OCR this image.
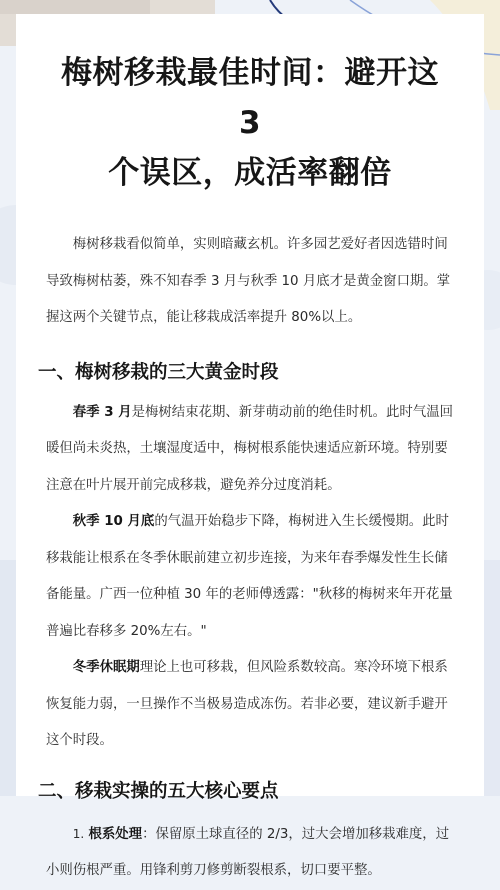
梅树移栽最佳时间：避开这 3
个误区，成活率翻倍

梅树移栽看似简单，实则暗藏玄机。许多园艺爱好者因选错时间导致梅树枯萎，殊不知春季 3 月与秋季 10 月底才是黄金窗口期。掌握这两个关键节点，能让移栽成活率提升 80%以上。

一、梅树移栽的三大黄金时段

春季 3 月是梅树结束花期、新芽萌动前的绝佳时机。此时气温回暖但尚未炎热，土壤湿度适中，梅树根系能快速适应新环境。特别要注意在叶片展开前完成移栽，避免养分过度消耗。

秋季 10 月底的气温开始稳步下降，梅树进入生长缓慢期。此时移栽能让根系在冬季休眠前建立初步连接，为来年春季爆发性生长储备能量。广西一位种植 30 年的老师傅透露："秋移的梅树来年开花量普遍比春移多 20%左右。"

冬季休眠期理论上也可移栽，但风险系数较高。寒冷环境下根系恢复能力弱，一旦操作不当极易造成冻伤。若非必要，建议新手避开这个时段。

二、移栽实操的五大核心要点

1. 根系处理：保留原土球直径的 2/3，过大会增加移栽难度，过小则伤根严重。用锋利剪刀修剪断裂根系，切口要平整。
